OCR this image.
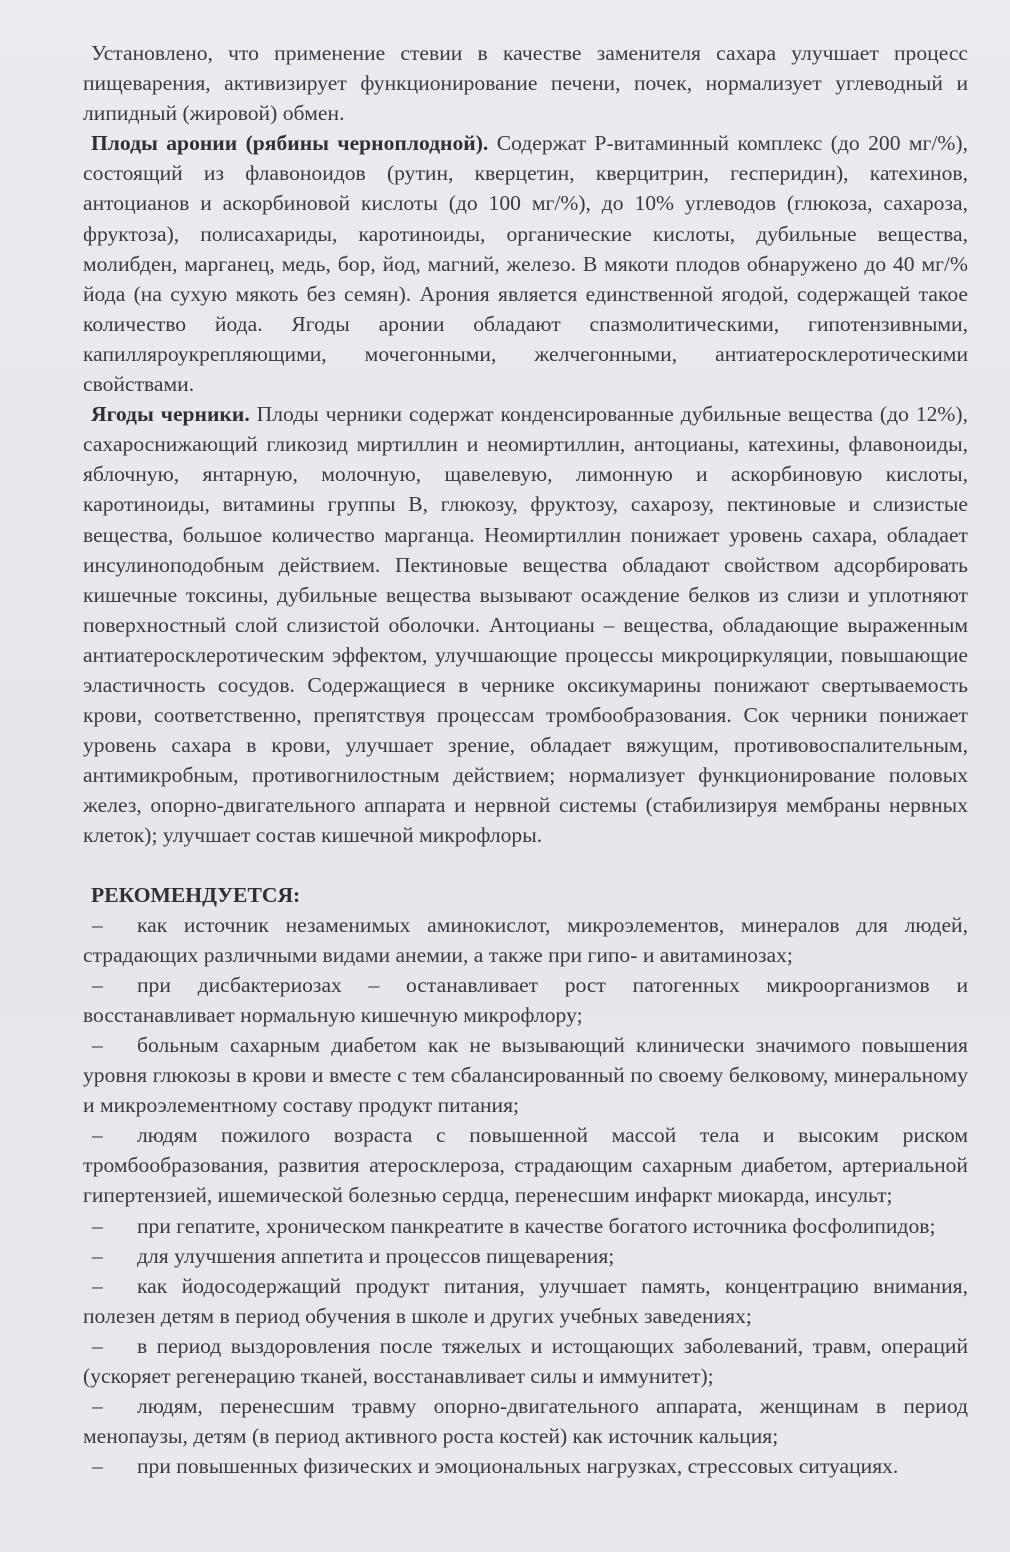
Установлено, что применение стевии в качестве заменителя сахара улучшает процесс пищеварения, активизирует функционирование печени, почек, нормализует углеводный и липидный (жировой) обмен.

Плоды аронии (рябины черноплодной). Содержат Р-витаминный комплекс (до 200 мг/%), состоящий из флавоноидов (рутин, кверцетин, кверцитрин, гесперидин), катехинов, антоцианов и аскорбиновой кислоты (до 100 мг/%), до 10% углеводов (глюкоза, сахароза, фруктоза), полисахариды, каротиноиды, органические кислоты, дубильные вещества, молибден, марганец, медь, бор, йод, магний, железо. В мякоти плодов обнаружено до 40 мг/% йода (на сухую мякоть без семян). Арония является единственной ягодой, содержащей такое количество йода. Ягоды аронии обладают спазмолитическими, гипотензивными, капилляроукрепляющими, мочегонными, желчегонными, антиатеросклеротическими свойствами.

Ягоды черники. Плоды черники содержат конденсированные дубильные вещества (до 12%), сахароснижающий гликозид миртиллин и неомиртиллин, антоцианы, катехины, флавоноиды, яблочную, янтарную, молочную, щавелевую, лимонную и аскорбиновую кислоты, каротиноиды, витамины группы В, глюкозу, фруктозу, сахарозу, пектиновые и слизистые вещества, большое количество марганца. Неомиртиллин понижает уровень сахара, обладает инсулиноподобным действием. Пектиновые вещества обладают свойством адсорбировать кишечные токсины, дубильные вещества вызывают осаждение белков из слизи и уплотняют поверхностный слой слизистой оболочки. Антоцианы – вещества, обладающие выраженным антиатеросклеротическим эффектом, улучшающие процессы микроциркуляции, повышающие эластичность сосудов. Содержащиеся в чернике оксикумарины понижают свертываемость крови, соответственно, препятствуя процессам тромбообразования. Сок черники понижает уровень сахара в крови, улучшает зрение, обладает вяжущим, противовоспалительным, антимикробным, противогнилостным действием; нормализует функционирование половых желез, опорно-двигательного аппарата и нервной системы (стабилизируя мембраны нервных клеток); улучшает состав кишечной микрофлоры.

РЕКОМЕНДУЕТСЯ:

– как источник незаменимых аминокислот, микроэлементов, минералов для людей, страдающих различными видами анемии, а также при гипо- и авитаминозах;

– при дисбактериозах – останавливает рост патогенных микроорганизмов и восстанавливает нормальную кишечную микрофлору;

– больным сахарным диабетом как не вызывающий клинически значимого повышения уровня глюкозы в крови и вместе с тем сбалансированный по своему белковому, минеральному и микроэлементному составу продукт питания;

– людям пожилого возраста с повышенной массой тела и высоким риском тромбообразования, развития атеросклероза, страдающим сахарным диабетом, артериальной гипертензией, ишемической болезнью сердца, перенесшим инфаркт миокарда, инсульт;

– при гепатите, хроническом панкреатите в качестве богатого источника фосфолипидов;

– для улучшения аппетита и процессов пищеварения;

– как йодосодержащий продукт питания, улучшает память, концентрацию внимания, полезен детям в период обучения в школе и других учебных заведениях;

– в период выздоровления после тяжелых и истощающих заболеваний, травм, операций (ускоряет регенерацию тканей, восстанавливает силы и иммунитет);

– людям, перенесшим травму опорно-двигательного аппарата, женщинам в период менопаузы, детям (в период активного роста костей) как источник кальция;

– при повышенных физических и эмоциональных нагрузках, стрессовых ситуациях.
